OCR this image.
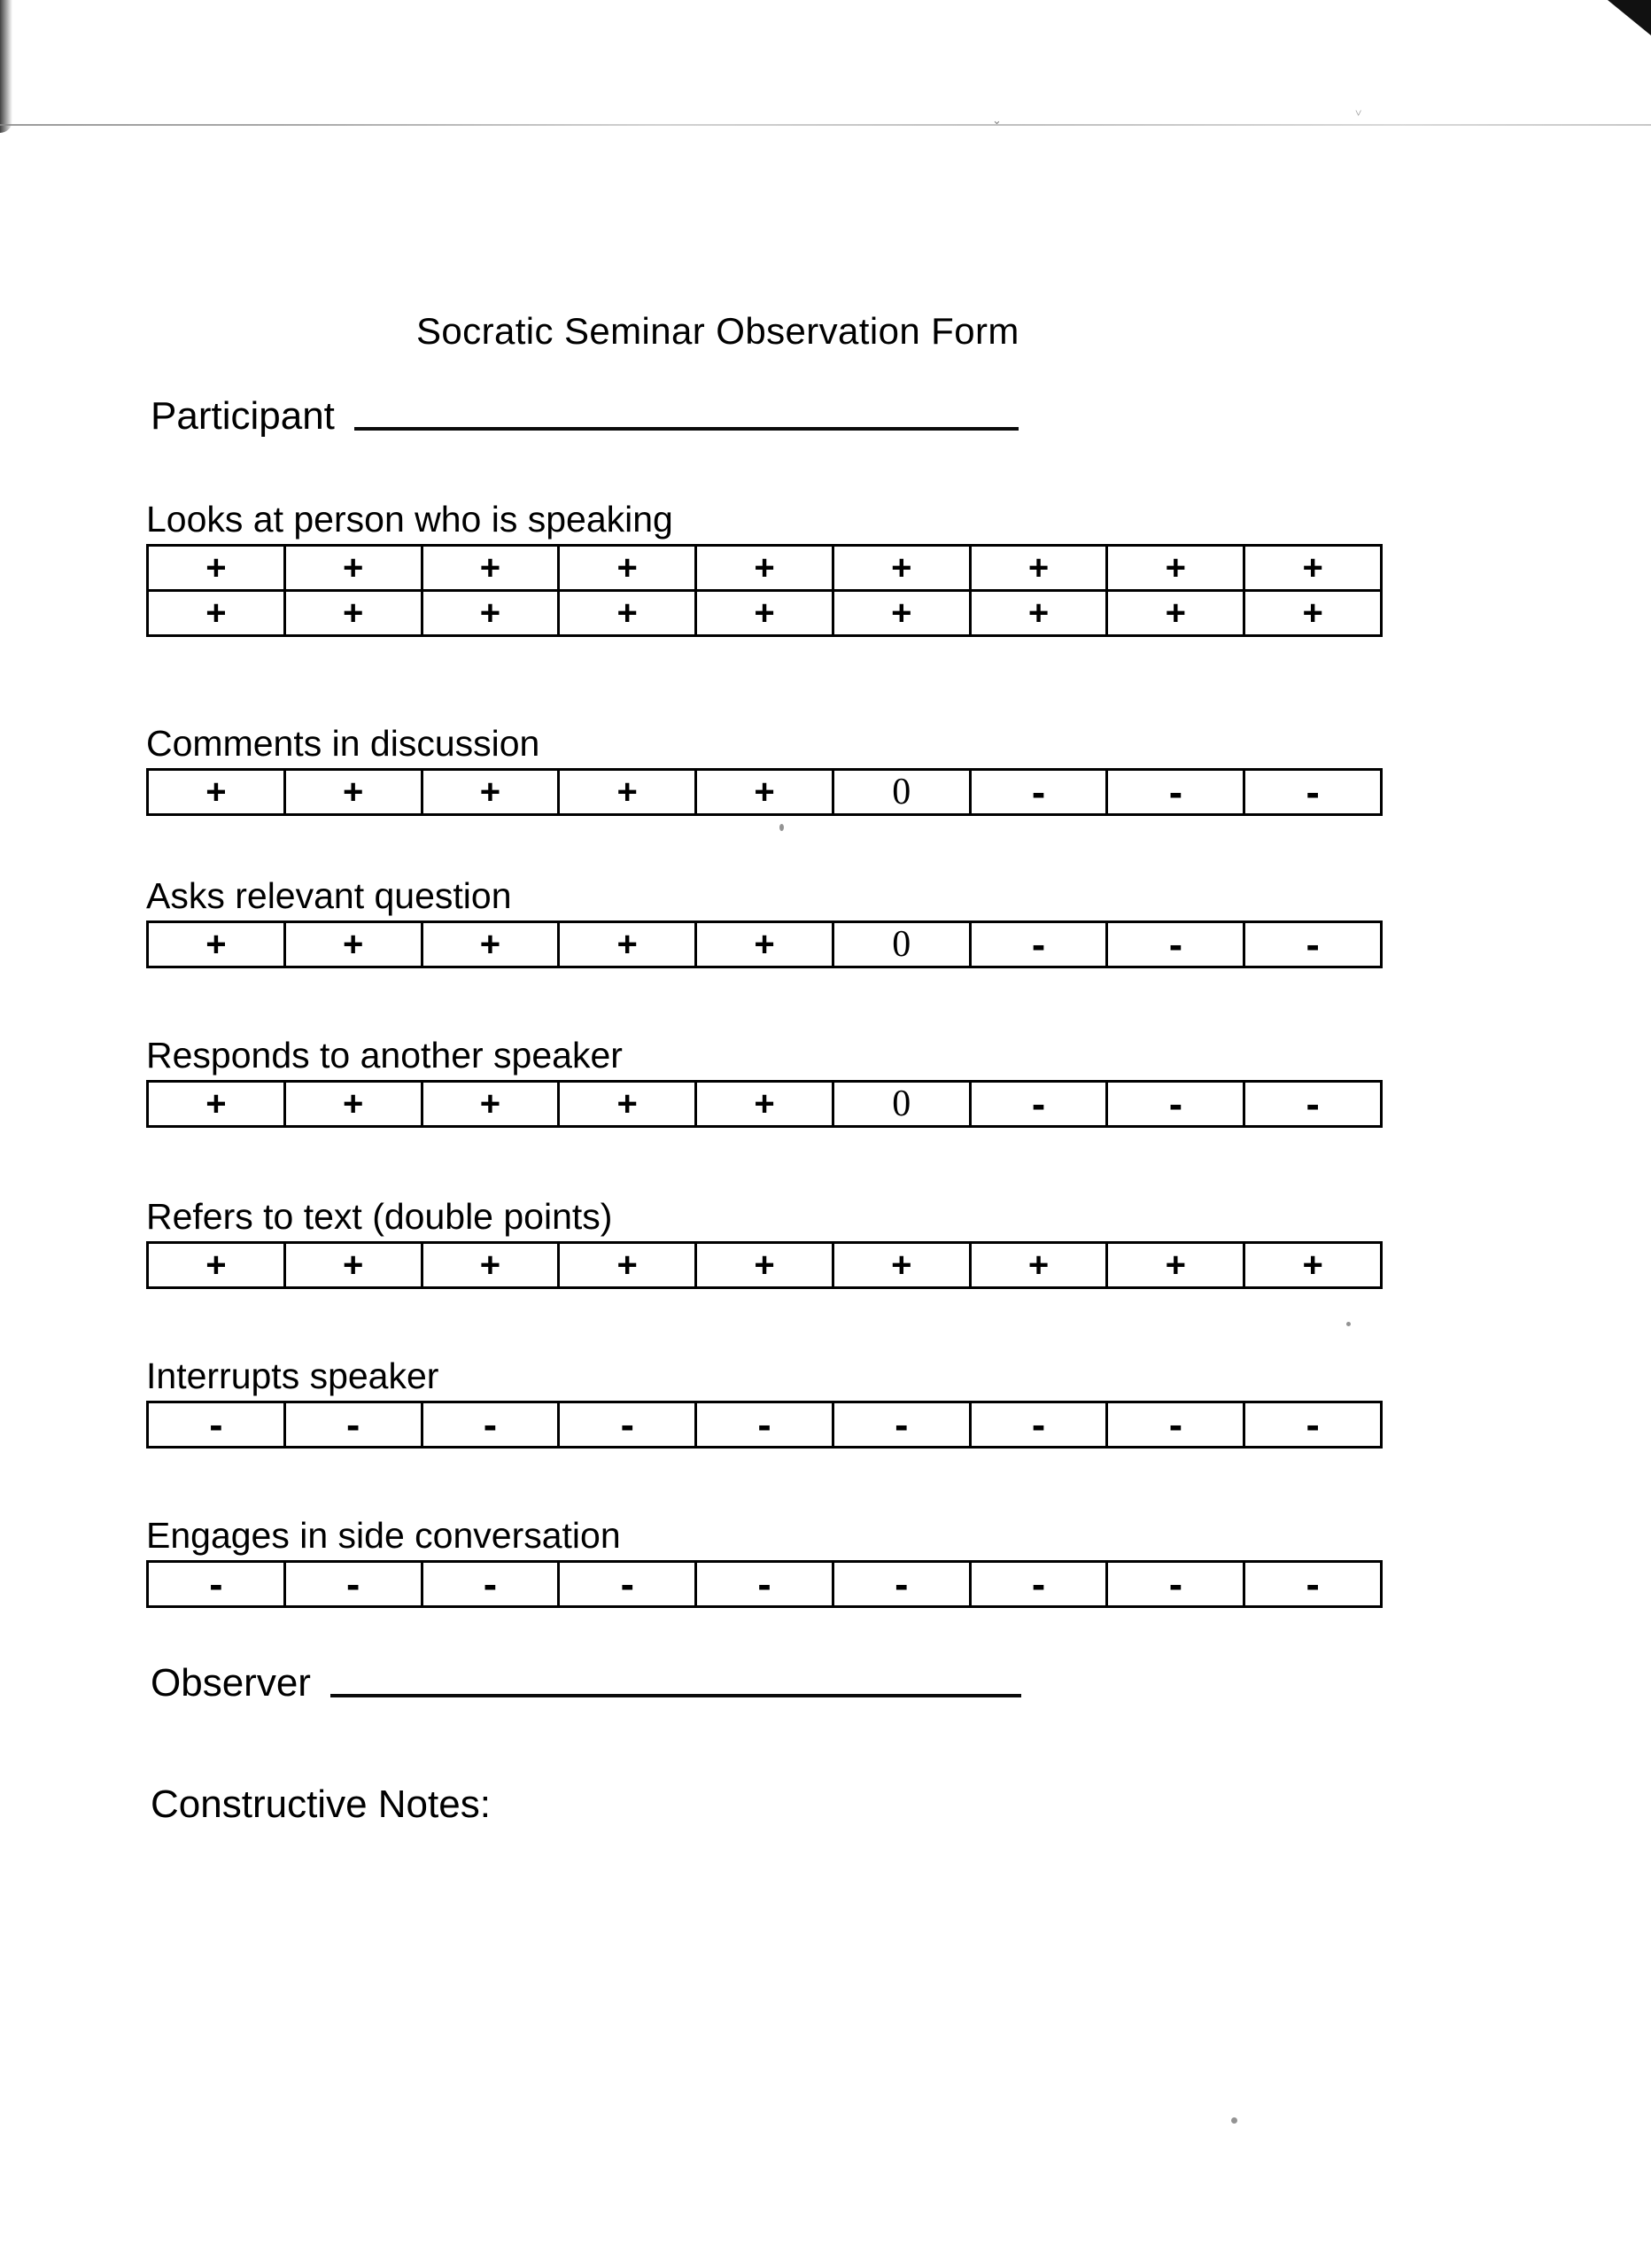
˅
⌄
Socratic Seminar Observation Form
Participant
Looks at person who is speaking
+	+	+	+	+	+	+	+	+
+	+	+	+	+	+	+	+	+
Comments in discussion
+	+	+	+	+	0	-	-	-
Asks relevant question
+	+	+	+	+	0	-	-	-
Responds to another speaker
+	+	+	+	+	0	-	-	-
Refers to text (double points)
+	+	+	+	+	+	+	+	+
Interrupts speaker
-	-	-	-	-	-	-	-	-
Engages in side conversation
-	-	-	-	-	-	-	-	-
Observer
Constructive Notes:
